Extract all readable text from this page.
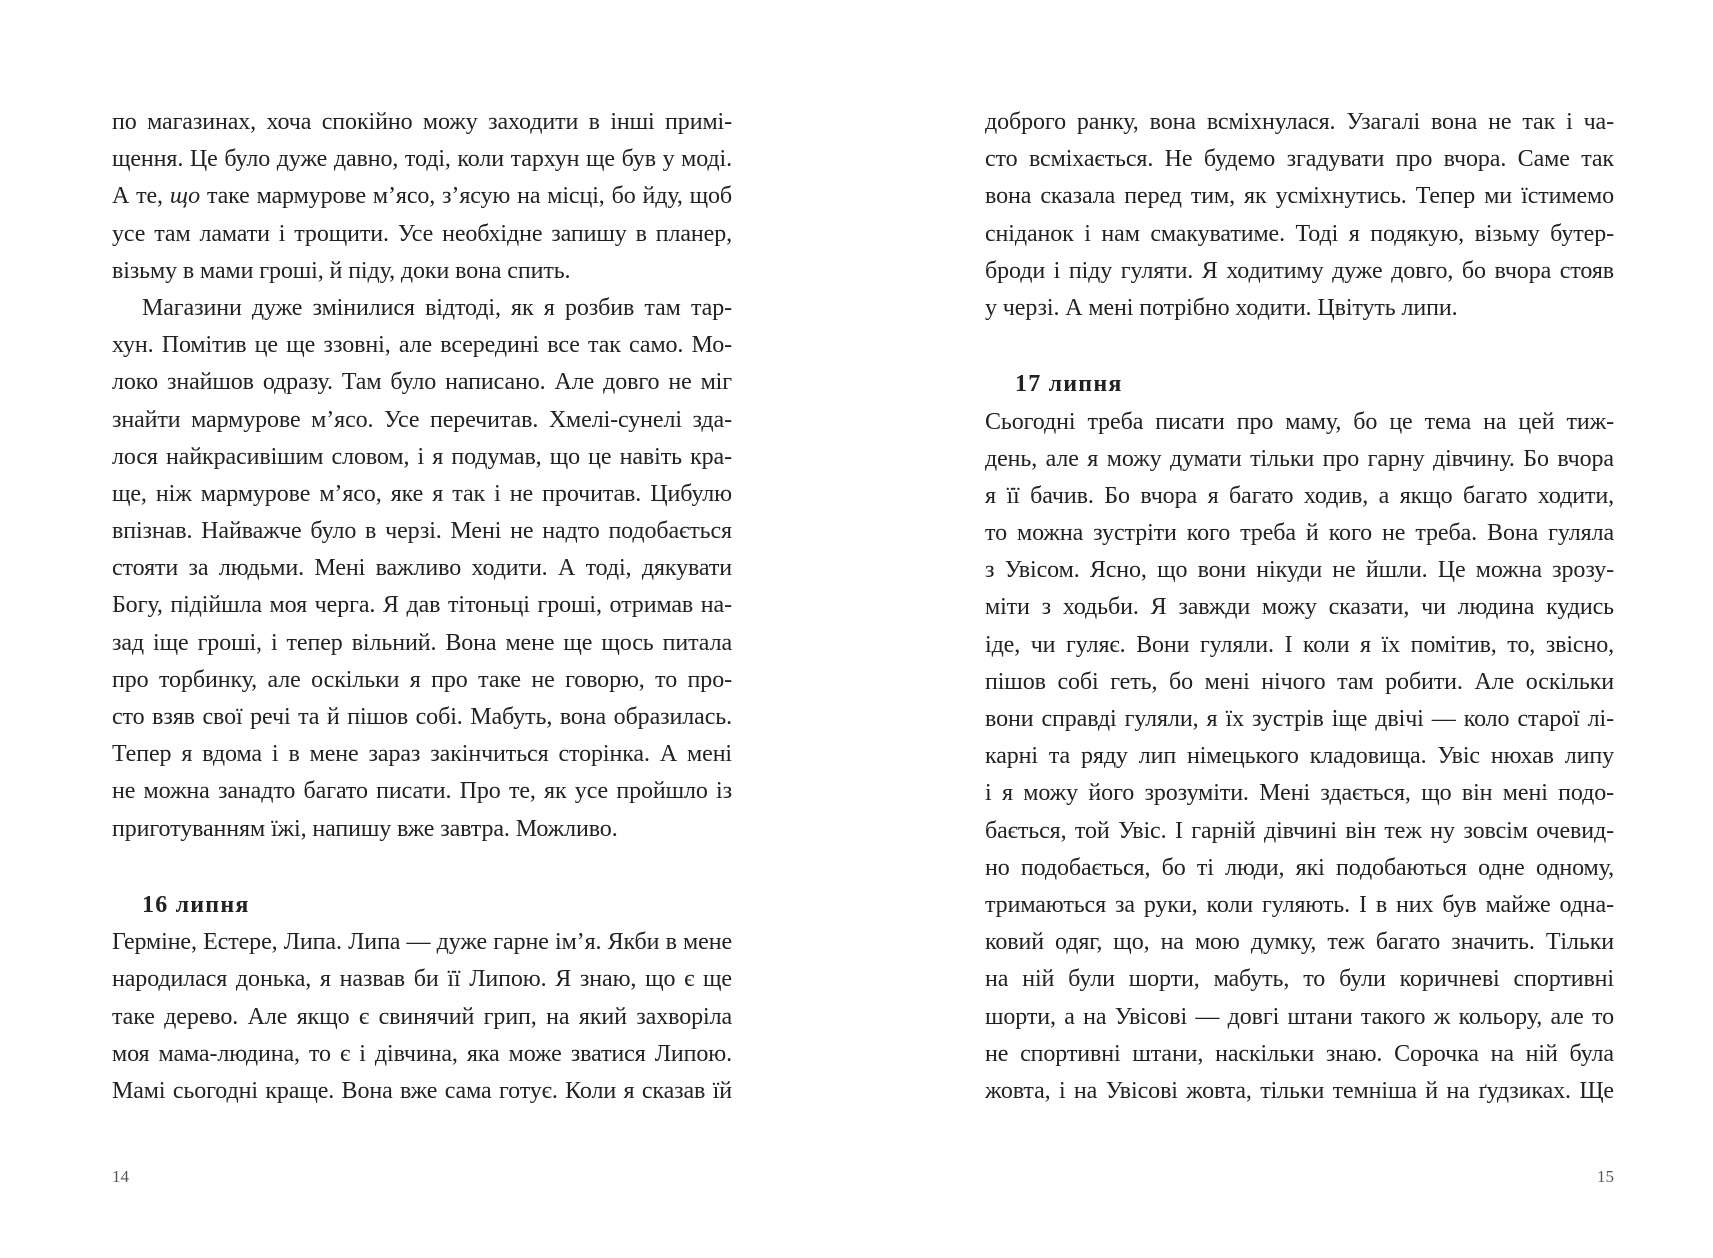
по магазинах, хоча спокійно можу заходити в інші примі-
щення. Це було дуже давно, тоді, коли тархун ще був у моді.
А те, що таке мармурове м’ясо, з’ясую на місці, бо йду, щоб
усе там ламати і трощити. Усе необхідне запишу в планер,
візьму в мами гроші, й піду, доки вона спить.
Магазини дуже змінилися відтоді, як я розбив там тар-
хун. Помітив це ще ззовні, але всередині все так само. Мо-
локо знайшов одразу. Там було написано. Але довго не міг
знайти мармурове м’ясо. Усе перечитав. Хмелі-сунелі зда-
лося найкрасивішим словом, і я подумав, що це навіть кра-
ще, ніж мармурове м’ясо, яке я так і не прочитав. Цибулю
впізнав. Найважче було в черзі. Мені не надто подобається
стояти за людьми. Мені важливо ходити. А тоді, дякувати
Богу, підійшла моя черга. Я дав тітоньці гроші, отримав на-
зад іще гроші, і тепер вільний. Вона мене ще щось питала
про торбинку, але оскільки я про таке не говорю, то про-
сто взяв свої речі та й пішов собі. Мабуть, вона образилась.
Тепер я вдома і в мене зараз закінчиться сторінка. А мені
не можна занадто багато писати. Про те, як усе пройшло із
приготуванням їжі, напишу вже завтра. Можливо.
16 липня
Герміне, Естере, Липа. Липа — дуже гарне ім’я. Якби в мене
народилася донька, я назвав би її Липою. Я знаю, що є ще
таке дерево. Але якщо є свинячий грип, на який захворіла
моя мама-людина, то є і дівчина, яка може зватися Липою.
Мамі сьогодні краще. Вона вже сама готує. Коли я сказав їй
14
доброго ранку, вона всміхнулася. Узагалі вона не так і ча-
сто всміхається. Не будемо згадувати про вчора. Саме так
вона сказала перед тим, як усміхнутись. Тепер ми їстимемо
сніданок і нам смакуватиме. Тоді я подякую, візьму бутер-
броди і піду гуляти. Я ходитиму дуже довго, бо вчора стояв
у черзі. А мені потрібно ходити. Цвітуть липи.
17 липня
Сьогодні треба писати про маму, бо це тема на цей тиж-
день, але я можу думати тільки про гарну дівчину. Бо вчора
я її бачив. Бо вчора я багато ходив, а якщо багато ходити,
то можна зустріти кого треба й кого не треба. Вона гуляла
з Увісом. Ясно, що вони нікуди не йшли. Це можна зрозу-
міти з ходьби. Я завжди можу сказати, чи людина кудись
іде, чи гуляє. Вони гуляли. І коли я їх помітив, то, звісно,
пішов собі геть, бо мені нічого там робити. Але оскільки
вони справді гуляли, я їх зустрів іще двічі — коло старої лі-
карні та ряду лип німецького кладовища. Увіс нюхав липу
і я можу його зрозуміти. Мені здається, що він мені подо-
бається, той Увіс. І гарній дівчині він теж ну зовсім очевид-
но подобається, бо ті люди, які подобаються одне одному,
тримаються за руки, коли гуляють. І в них був майже одна-
ковий одяг, що, на мою думку, теж багато значить. Тільки
на ній були шорти, мабуть, то були коричневі спортивні
шорти, а на Увісові — довгі штани такого ж кольору, але то
не спортивні штани, наскільки знаю. Сорочка на ній була
жовта, і на Увісові жовта, тільки темніша й на ґудзиках. Ще
15
